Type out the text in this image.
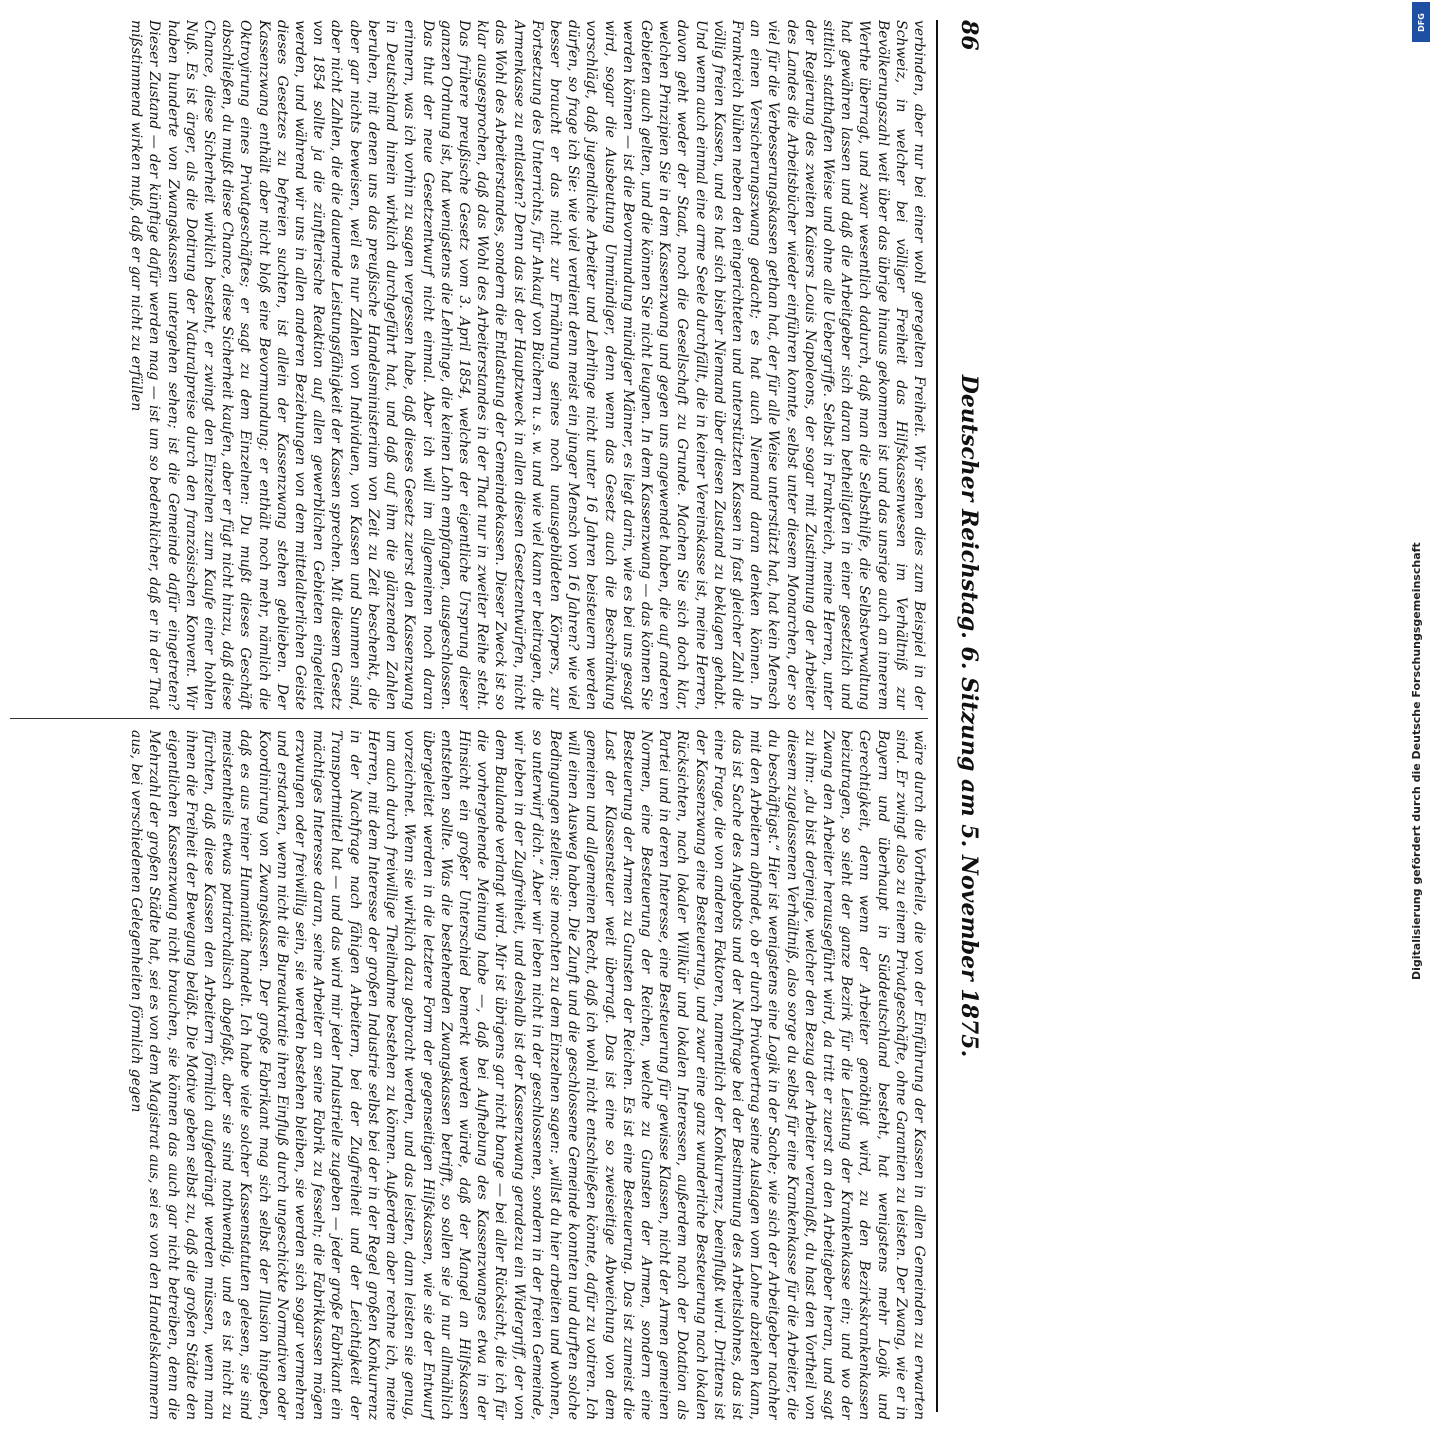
86
Deutscher Reichstag. 6. Sitzung am 5. November 1875.

verbinden, aber nur bei einer wohl geregelten Freiheit. Wir sehen dies zum Beispiel in der Schweiz, in welcher bei völliger Freiheit das Hilfskassenwesen im Verhältniß zur Bevölkerungszahl weit über das übrige hinaus gekommen ist und das unsrige auch an innerem Werthe überragt, und zwar wesentlich dadurch, daß man die Selbsthilfe, die Selbstverwaltung hat gewähren lassen und daß die Arbeitgeber sich daran betheiligten in einer gesetzlich und sittlich statthaften Weise und ohne alle Uebergriffe. Selbst in Frankreich, meine Herren, unter der Regierung des zweiten Kaisers Louis Napoleons, der sogar mit Zustimmung der Arbeiter des Landes die Arbeitsbücher wieder einführen konnte, selbst unter diesem Monarchen, der so viel für die Verbesserungskassen gethan hat, der für alle Weise unterstützt hat, hat kein Mensch an einen Versicherungszwang gedacht; es hat auch Niemand daran denken können. In Frankreich blühen neben den eingerichteten und unterstützten Kassen in fast gleicher Zahl die völlig freien Kassen, und es hat sich bisher Niemand über diesen Zustand zu beklagen gehabt. Und wenn auch einmal eine arme Seele durchfällt, die in keiner Vereinskasse ist, meine Herren, davon geht weder der Staat, noch die Gesellschaft zu Grunde. Machen Sie sich doch klar, welchen Prinzipien Sie in dem Kassenzwang und gegen uns angewendet haben, die auf anderen Gebieten auch gelten, und die können Sie nicht leugnen. In dem Kassenzwang — das können Sie werden können — ist die Bevormundung mündiger Männer, es liegt darin, wie es bei uns gesagt wird, sogar die Ausbeutung Unmündiger, denn wenn das Gesetz auch die Beschränkung vorschlägt, daß jugendliche Arbeiter und Lehrlinge nicht unter 16 Jahren beisteuern werden dürfen, so frage ich Sie: wie viel verdient denn meist ein junger Mensch von 16 Jahren? wie viel besser braucht er das nicht zur Ernährung seines noch unausgebildeten Körpers, zur Fortsetzung des Unterrichts, für Ankauf von Büchern u. s. w. und wie viel kann er beitragen, die Armenkasse zu entlasten? Denn das ist der Hauptzweck in allen diesen Gesetzentwürfen, nicht das Wohl des Arbeiterstandes, sondern die Entlastung der Gemeindekassen. Dieser Zweck ist so klar ausgesprochen, daß das Wohl des Arbeiterstandes in der That nur in zweiter Reihe steht. Das frühere preußische Gesetz vom 3. April 1854, welches der eigentliche Ursprung dieser ganzen Ordnung ist, hat wenigstens die Lehrlinge, die keinen Lohn empfangen, ausgeschlossen. Das thut der neue Gesetzentwurf nicht einmal. Aber ich will im allgemeinen noch daran erinnern, was ich vorhin zu sagen vergessen habe, daß dieses Gesetz zuerst den Kassenzwang in Deutschland hinein wirklich durchgeführt hat, und daß auf ihm die glänzenden Zahlen beruhen, mit denen uns das preußische Handelsministerium von Zeit zu Zeit beschenkt, die aber gar nichts beweisen, weil es nur Zahlen von Individuen, von Kassen und Summen sind, aber nicht Zahlen, die die dauernde Leistungsfähigkeit der Kassen sprechen. Mit diesem Gesetz von 1854 sollte ja die zünftlerische Reaktion auf allen gewerblichen Gebieten eingeleitet werden, und während wir uns in allen anderen Beziehungen von dem mittelalterlichen Geiste dieses Gesetzes zu befreien suchten, ist allein der Kassenzwang stehen geblieben. Der Kassenzwang enthält aber nicht bloß eine Bevormundung; er enthält noch mehr, nämlich die Oktroyirung eines Privatgeschäftes; er sagt zu dem Einzelnen: Du mußt dieses Geschäft abschließen, du mußt diese Chance, diese Sicherheit kaufen, aber er fügt nicht hinzu, daß diese Chance, diese Sicherheit wirklich besteht, er zwingt den Einzelnen zum Kaufe einer hohlen Nuß. Es ist ärger, als die Dotirung der Naturalpreise durch den französischen Konvent. Wir haben hunderte von Zwangskassen untergehen sehen; ist die Gemeinde dafür eingetreten? Dieser Zustand — der künftige dafür werden mag — ist um so bedenklicher, daß er in der That mißstimmend wirken muß, daß er gar nicht zu erfüllen

wäre durch die Vortheile, die von der Einführung der Kassen in allen Gemeinden zu erwarten sind. Er zwingt also zu einem Privatgeschäfte, ohne Garantien zu leisten. Der Zwang, wie er in Bayern und überhaupt in Süddeutschland besteht, hat wenigstens mehr Logik und Gerechtigkeit, denn wenn der Arbeiter genöthigt wird, zu den Bezirkskrankenkassen beizutragen, so sieht der ganze Bezirk für die Leistung der Krankenkasse ein; und wo der Zwang den Arbeiter herausgeführt wird, da tritt er zuerst an den Arbeitgeber heran, und sagt zu ihm: „du bist derjenige, welcher den Bezug der Arbeiter veranlaßt, du hast den Vortheil von diesem zugelassenen Verhältniß, also sorge du selbst für eine Krankenkasse für die Arbeiter, die du beschäftigst.“ Hier ist wenigstens eine Logik in der Sache; wie sich der Arbeitgeber nachher mit den Arbeitern abfindet, ob er durch Privatvertrag seine Auslagen vom Lohne abziehen kann, das ist Sache des Angebots und der Nachfrage bei der Bestimmung des Arbeitslohnes, das ist eine Frage, die von anderen Faktoren, namentlich der Konkurrenz, beeinflußt wird. Drittens ist der Kassenzwang eine Besteuerung, und zwar eine ganz wunderliche Besteuerung nach lokalen Rücksichten, nach lokaler Willkür und lokalen Interessen, außerdem nach der Dotation als Partei und in deren Interesse, eine Besteuerung für gewisse Klassen, nicht der Armen gemeinen Normen, eine Besteuerung der Reichen, welche zu Gunsten der Armen, sondern eine Besteuerung der Armen zu Gunsten der Reichen. Es ist eine Besteuerung. Das ist zumeist die Last der Klassensteuer weit überragt. Das ist eine so zweiseitige Abweichung von dem gemeinen und allgemeinen Recht, daß ich wohl nicht entschließen könnte, dafür zu votiren. Ich will einen Ausweg haben. Die Zunft und die geschlossene Gemeinde konnten und durften solche Bedingungen stellen; sie mochten zu dem Einzelnen sagen: „willst du hier arbeiten und wohnen, so unterwirf dich.“ Aber wir leben nicht in der geschlossenen, sondern in der freien Gemeinde, wir leben in der Zugfreiheit, und deshalb ist der Kassenzwang geradezu ein Widergriff, der von dem Baulande verlangt wird. Mir ist übrigens gar nicht bange — bei aller Rücksicht, die ich für die vorhergehende Meinung habe —, daß bei Aufhebung des Kassenzwanges etwa in der Hinsicht ein großer Unterschied bemerkt werden würde, daß der Mangel an Hilfskassen entstehen sollte. Was die bestehenden Zwangskassen betrifft, so sollen sie ja nur allmählich übergeleitet werden in die letztere Form der gegenseitigen Hilfskassen, wie sie der Entwurf vorzeichnet. Wenn sie wirklich dazu gebracht werden, und das leisten, dann leisten sie genug, um auch durch freiwillige Theilnahme bestehen zu können. Außerdem aber rechne ich, meine Herren, mit dem Interesse der großen Industrie selbst bei der in der Regel großen Konkurrenz in der Nachfrage nach fähigen Arbeitern, bei der Zugfreiheit und der Leichtigkeit der Transportmittel hat — und das wird mir jeder Industrielle zugeben — jeder große Fabrikant ein mächtiges Interesse daran, seine Arbeiter an seine Fabrik zu fesseln; die Fabrikkassen mögen erzwungen oder freiwillig sein, sie werden bestehen bleiben, sie werden sich sogar vermehren und erstarken, wenn nicht die Bureaukratie ihren Einfluß durch ungeschickte Normativen oder Koordinirung von Zwangskassen. Der große Fabrikant mag sich selbst der Illusion hingeben, daß es aus reiner Humanität handelt. Ich habe viele solcher Kassenstatuten gelesen, sie sind meistentheils etwas patriarchalisch abgefaßt, aber sie sind nothwendig, und es ist nicht zu fürchten, daß diese Kassen den Arbeitern förmlich aufgedrängt werden müssen, wenn man ihnen die Freiheit der Bewegung beläßt. Die Motive geben selbst zu, daß die großen Städte den eigentlichen Kassenzwang nicht brauchen, sie können das auch gar nicht betreiben, denn die Mehrzahl der großen Städte hat, sei es von dem Magistrat aus, sei es von den Handelskammern aus, bei verschiedenen Gelegenheiten förmlich gegen	Digitalisierung gefördert durch die Deutsche Forschungsgemeinschaft
DFG
